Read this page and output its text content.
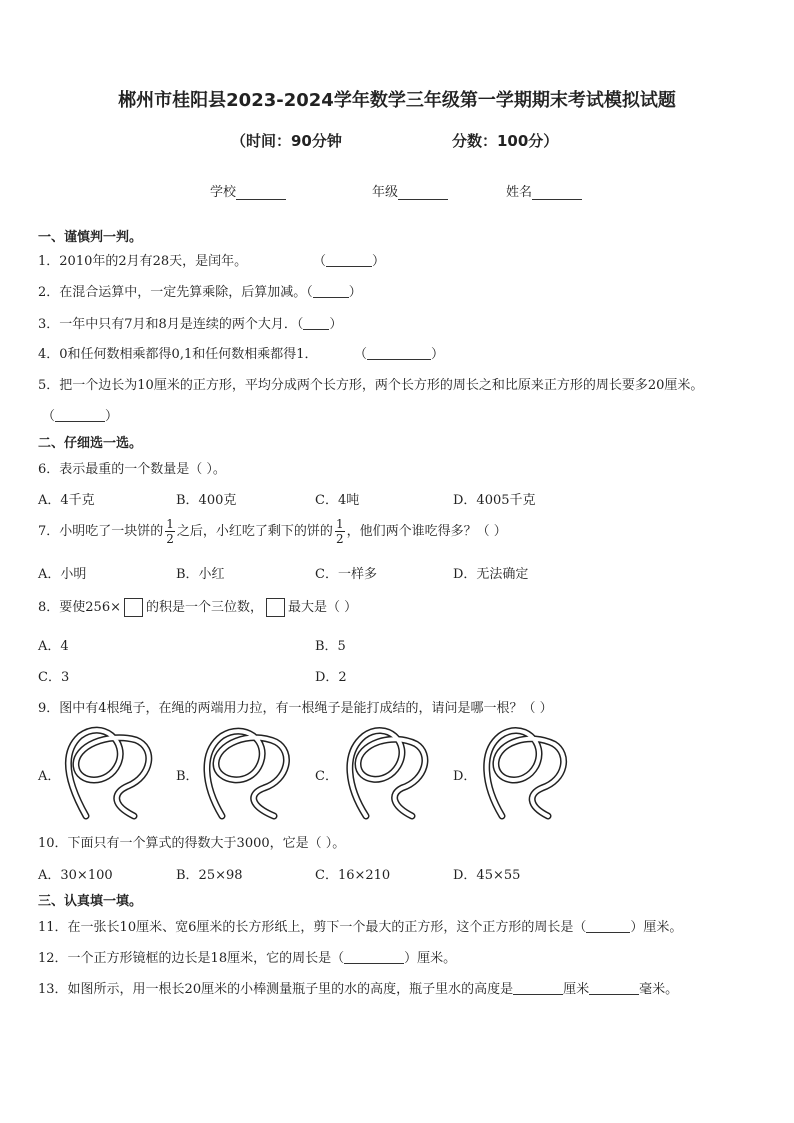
郴州市桂阳县2023-2024学年数学三年级第一学期期末考试模拟试题
（时间：90分钟	分数：100分）
学校	年级	姓名
一、谨慎判一判。
1．2010年的2月有28天，是闰年。	（	）
2．在混合运算中，一定先算乘除，后算加减。（	）
3．一年中只有7月和8月是连续的两个大月．（ ）
4．0和任何数相乘都得0,1和任何数相乘都得1．	（	）
5．把一个边长为10厘米的正方形，平均分成两个长方形，两个长方形的周长之和比原来正方形的周长要多20厘米。
（	）
二、仔细选一选。
6．表示最重的一个数量是（ ）。
A．4千克	B．400克	C．4吨	D．4005千克
7．小明吃了一块饼的 $\frac{1}{2}$ 之后，小红吃了剩下的饼的 $\frac{1}{2}$ ，他们两个谁吃得多？（ ）
A．小明	B．小红	C．一样多	D．无法确定
8．要使256× 的积是一个三位数， 最大是（ ）
A．4	B．5
C．3	D．2
9．图中有4根绳子，在绳的两端用力拉，有一根绳子是能打成结的，请问是哪一根？（ ）
A．	B．	C．	D．
10．下面只有一个算式的得数大于3000，它是（ ）。
A．30×100	B．25×98	C．16×210	D．45×55
三、认真填一填。
11．在一张长10厘米、宽6厘米的长方形纸上，剪下一个最大的正方形，这个正方形的周长是（	）厘米。
12．一个正方形镜框的边长是18厘米，它的周长是（	）厘米。
13．如图所示，用一根长20厘米的小棒测量瓶子里的水的高度，瓶子里水的高度是	厘米	毫米。
